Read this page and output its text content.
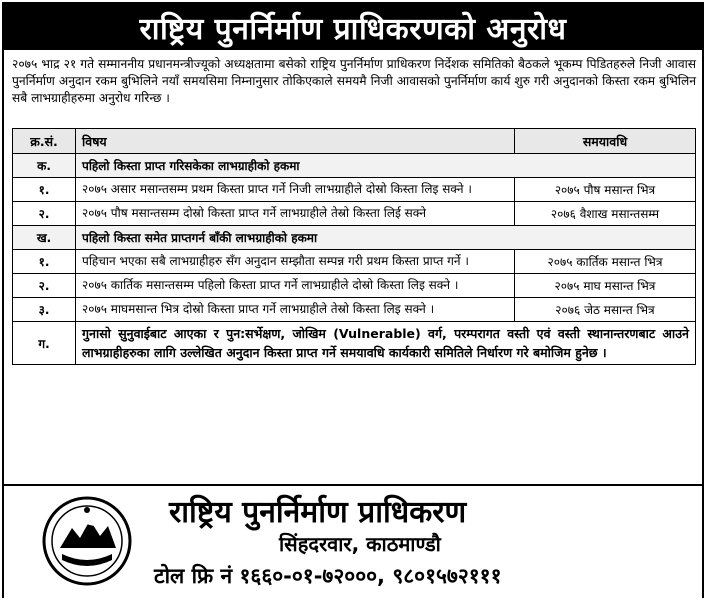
राष्ट्रिय पुनर्निर्माण प्राधिकरणको अनुरोध
२०७५ भाद्र २१ गते सम्माननीय प्रधानमन्त्रीज्यूको अध्यक्षतामा बसेको राष्ट्रिय पुनर्निर्माण प्राधिकरण निर्देशक समितिको बैठकले भूकम्प पिडितहरुले निजी आवास पुनर्निर्माण अनुदान रकम बुभिलिने नयाँ समयसिमा निम्नानुसार तोकिएकाले समयमै निजी आवासको पुनर्निर्माण कार्य शुरु गरी अनुदानको किस्ता रकम बुभिलिन सबै लाभग्राहीहरुमा अनुरोध गरिन्छ ।
क्र.सं.	विषय	समयावधि
क.	पहिलो किस्ता प्राप्त गरिसकेका लाभग्राहीको हकमा	
१.	२०७५ असार मसान्तसम्म प्रथम किस्ता प्राप्त गर्ने निजी लाभग्राहीले दोस्रो किस्ता लिइ सक्ने ।	२०७५ पौष मसान्त भित्र
२.	२०७५ पौष मसान्तसम्म दोस्रो किस्ता प्राप्त गर्ने लाभग्राहीले तेस्रो किस्ता लिई सक्ने	२०७६ वैशाख मसान्तसम्म
ख.	पहिलो किस्ता समेत प्राप्तगर्न बाँकी लाभग्राहीको हकमा	
१.	पहिचान भएका सबै लाभग्राहीहरु सँग अनुदान सम्झौता सम्पन्न गरी प्रथम किस्ता प्राप्त गर्ने ।	२०७५ कार्तिक मसान्त भित्र
२.	२०७५ कार्तिक मसान्तसम्म पहिलो किस्ता प्राप्त गर्ने लाभग्राहीले दोस्रो किस्ता लिइ सक्ने ।	२०७५ माघ मसान्त भित्र
३.	२०७५ माघमसान्त भित्र दोस्रो किस्ता प्राप्त गर्ने लाभग्राहीले तेस्रो किस्ता लिइ सक्ने ।	२०७६ जेठ मसान्त भित्र
ग.	गुनासो सुनुवाईबाट आएका र पुन:सर्भेक्षण, जोखिम (Vulnerable) वर्ग, परम्परागत वस्ती एवं वस्ती स्थानान्तरणबाट आउने लाभग्राहीहरुका लागि उल्लेखित अनुदान किस्ता प्राप्त गर्ने समयावधि कार्यकारी समितिले निर्धारण गरे बमोजिम हुनेछ ।	
राष्ट्रिय पुनर्निर्माण प्राधिकरण
सिंहदरवार, काठमाण्डौ
टोल फ्रि नं १६६०-०१-७२०००, ९८०१५७२१११
